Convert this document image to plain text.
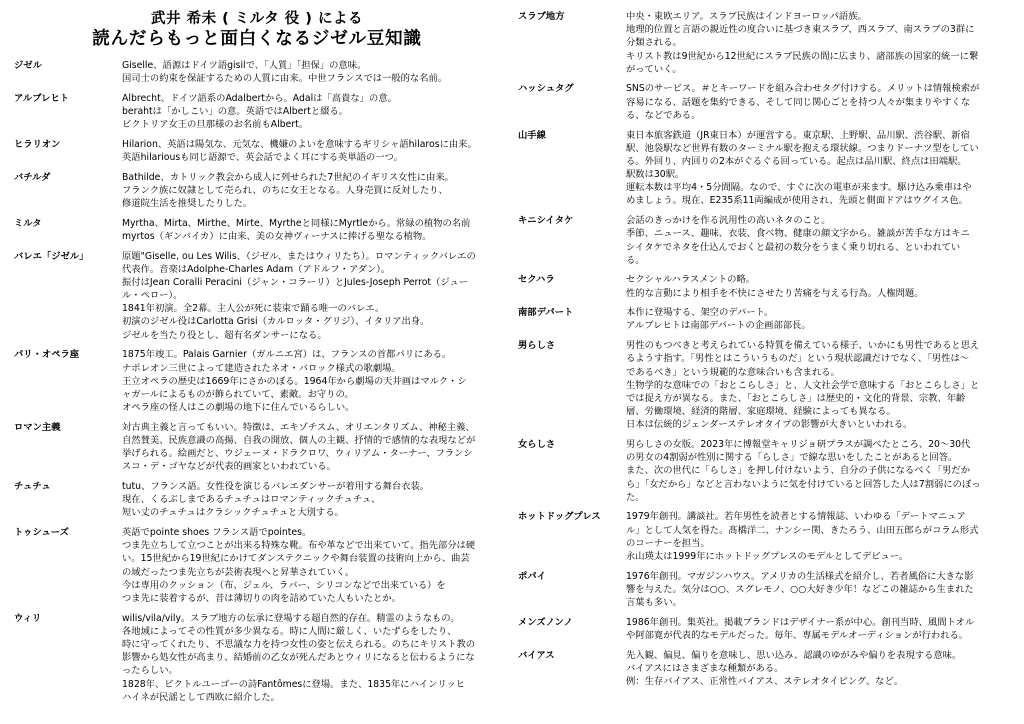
武井 希未 ( ミルタ 役 ) による
読んだらもっと面白くなるジゼル豆知識
ジゼル	Giselle、語源はドイツ語gisilで、「人質」「担保」の意味。

国司士の約束を保証するための人質に由来。中世フランスでは一般的な名前。

アルブレヒト	Albrecht、ドイツ語系のAdalbertから。Adalは「高貴な」の意。

berahtは「かしこい」の意。英語ではAlbertと綴る。

ビクトリア女王の旦那様のお名前もAlbert。

ヒラリオン	Hilarion、英語は陽気な、元気な、機嫌のよいを意味するギリシャ語hilarosに由来。

英語hilariousも同じ語源で、英会話でよく耳にする英単語の一つ。

バチルダ	Bathilde、カトリック教会から成人に列せられた7世紀のイギリス女性に由来。

フランク族に奴隷として売られ、のちに女王となる。人身売買に反対したり、

修道院生活を推奨したりした。

ミルタ	Myrtha、Mirta、Mirthe、Mirte、Myrtheと同様にMyrtleから。常緑の植物の名前

myrtos（ギンバイカ）に由来、美の女神ヴィーナスに捧げる聖なる植物。

バレエ「ジゼル」	原題"Giselle, ou Les Wilis、（ジゼル、またはウィリたち）。ロマンティックバレエの

代表作。音楽はAdolphe-Charles Adam（アドルフ・アダン）。

振付はJean Coralli Peracini（ジャン・コラーリ）とJules-Joseph Perrot（ジュー

ル・ペロー）。

1841年初演。全2幕。主人公が死に装束で踊る唯一のバレエ。

初演のジゼル役はCarlotta Grisi（カルロッタ・グリジ）、イタリア出身。

ジゼルを当たり役とし、超有名ダンサーになる。

パリ・オペラ座	1875年竣工。Palais Garnier（ガルニエ宮）は、フランスの首都パリにある。

ナポレオン三世によって建造されたネオ・バロック様式の歌劇場。

王立オペラの歴史は1669年にさかのぼる。1964年から劇場の天井画はマルク・シ

ャガールによるものが飾られていて、素敵。お守りの。

オペラ座の怪人はこの劇場の地下に住んでいるらしい。

ロマン主義	対古典主義と言ってもいい。特徴は、エキゾチスム、オリエンタリズム、神秘主義、

自然賛美、民族意識の高揚、自我の開放、個人の主観、抒情的で感情的な表現などが

挙げられる。絵画だと、ウジェーヌ・ドラクロワ、ウィリアム・ターナー、フランシ

スコ・デ・ゴヤなどが代表的画家といわれている。

チュチュ	tutu、フランス語。女性役を演じるバレエダンサーが着用する舞台衣装。

現在、くるぶしまであるチュチュはロマンティックチュチュ、

短い丈のチュチュはクラシックチュチュと大別する。

トゥシューズ	英語でpointe shoes フランス語でpointes。

つま先立ちして立つことが出来る特殊な靴。布や革などで出来ていて、指先部分は硬

い。15世紀から19世紀にかけてダンステクニックや舞台装置の技術向上から、曲芸

の域だったつま先立ちが芸術表現へと昇華されていく。

今は専用のクッション（布、ジェル、ラバー、シリコンなどで出来ている）を

つま先に装着するが、昔は薄切りの肉を詰めていた人もいたとか。

ウィリ	wilis/vila/vily。スラブ地方の伝承に登場する超自然的存在。精霊のようなもの。

各地域によってその性質が多少異なる。時に人間に厳しく、いたずらをしたり、

時に守ってくれたり、不思議な力を持つ女性の姿と伝えられる。のちにキリスト教の

影響から処女性が高まり、結婚前の乙女が死んだあとウィリになると伝わるようにな

ったらしい。

1828年、ビクトルユーゴーの詩Fantômesに登場。また、1835年にハインリッヒ

ハイネが民謡として西欧に紹介した。

スラブ地方	中央・東欧エリア。スラブ民族はインドヨーロッパ語族。

地理的位置と言語の親近性の度合いに基づき東スラブ、西スラブ、南スラブの3群に

分類される。

キリスト教は9世紀から12世紀にスラブ民族の間に広まり、諸部族の国家的統一に繋

がっていく。

ハッシュタグ	SNSのサービス。＃とキーワードを組み合わせタグ付けする。メリットは情報検索が

容易になる、話題を集約できる、そして同じ関心ごとを持つ人々が集まりやすくな

る、などである。

山手線	東日本旅客鉄道（JR東日本）が運営する。東京駅、上野駅、品川駅、渋谷駅、新宿

駅、池袋駅など世界有数のターミナル駅を抱える環状線。つまりドーナツ型をしてい

る。外回り、内回りの2本がぐるぐる回っている。起点は品川駅、終点は田端駅。

駅数は30駅。

運転本数は平均4・5分間隔。なので、すぐに次の電車が来ます。駆け込み乗車はや

めましょう。現在、E235系11両編成が使用され、先頭と側面ドアはウグイス色。

キニシイタケ	会話のきっかけを作る汎用性の高いネタのこと。

季節、ニュース、趣味、衣装、食べ物、健康の顔文字から。雑談が苦手な方はキニ

シイタケでネタを仕込んでおくと最初の数分をうまく乗り切れる、といわれてい

る。

セクハラ	セクシャルハラスメントの略。

性的な言動により相手を不快にさせたり苦痛を与える行為。人権問題。

南部デパート	本作に登場する、架空のデパート。

アルブレヒトは南部デパートの企画部部長。

男らしさ	男性のもつべきと考えられている特質を備えている様子、いかにも男性であると思え

るようす指す。「男性とはこういうものだ」という現状認識だけでなく、「男性は～

であるべき」という規範的な意味合いも含まれる。

生物学的な意味での「おとこらしさ」と、人文社会学で意味する「おとこらしさ」と

では捉え方が異なる。また、「おとこらしさ」は歴史的・文化的背景、宗教、年齢

層、労働環境、経済的階層、家庭環境、経験によっても異なる。

日本は伝統的ジェンダーステレオタイプの影響が大きいといわれる。

女らしさ	男らしさの女版。2023年に博報堂キャリジョ研プラスが調べたところ、20～30代

の男女の4割弱が性別に関する「らしさ」で線な思いをしたことがあると回答。

また、次の世代に「らしさ」を押し付けないよう、自分の子供になるべく「男だか

ら」「女だから」などと言わないように気を付けていると回答した人は7割弱にのぼっ

た。

ホットドッグプレス	1979年創刊。講談社。若年男性を読者とする情報誌、いわゆる「デートマニュア

ル」として人気を得た。髙橋洋二、ナンシー関、きたろう、山田五郎らがコラム形式

のコーナーを担当。

永山瑛太は1999年にホットドッグプレスのモデルとしてデビュー。

ポパイ	1976年創刊。マガジンハウス。アメリカの生活様式を紹介し、若者風俗に大きな影

響を与えた。気分は○○、スグレモノ、○○大好き少年！などこの雑誌から生まれた

言葉も多い。

メンズノンノ	1986年創刊。集英社。掲載ブランドはデザイナー系が中心。創刊当時、風間トオル

や阿部寛が代表的なモデルだった。毎年、専属モデルオーディションが行われる。

バイアス	先入観、偏見、偏りを意味し、思い込み、認識のゆがみや偏りを表現する意味。

バイアスにはさまざまな種類がある。

例：生存バイアス、正常性バイアス、ステレオタイピング、など。
